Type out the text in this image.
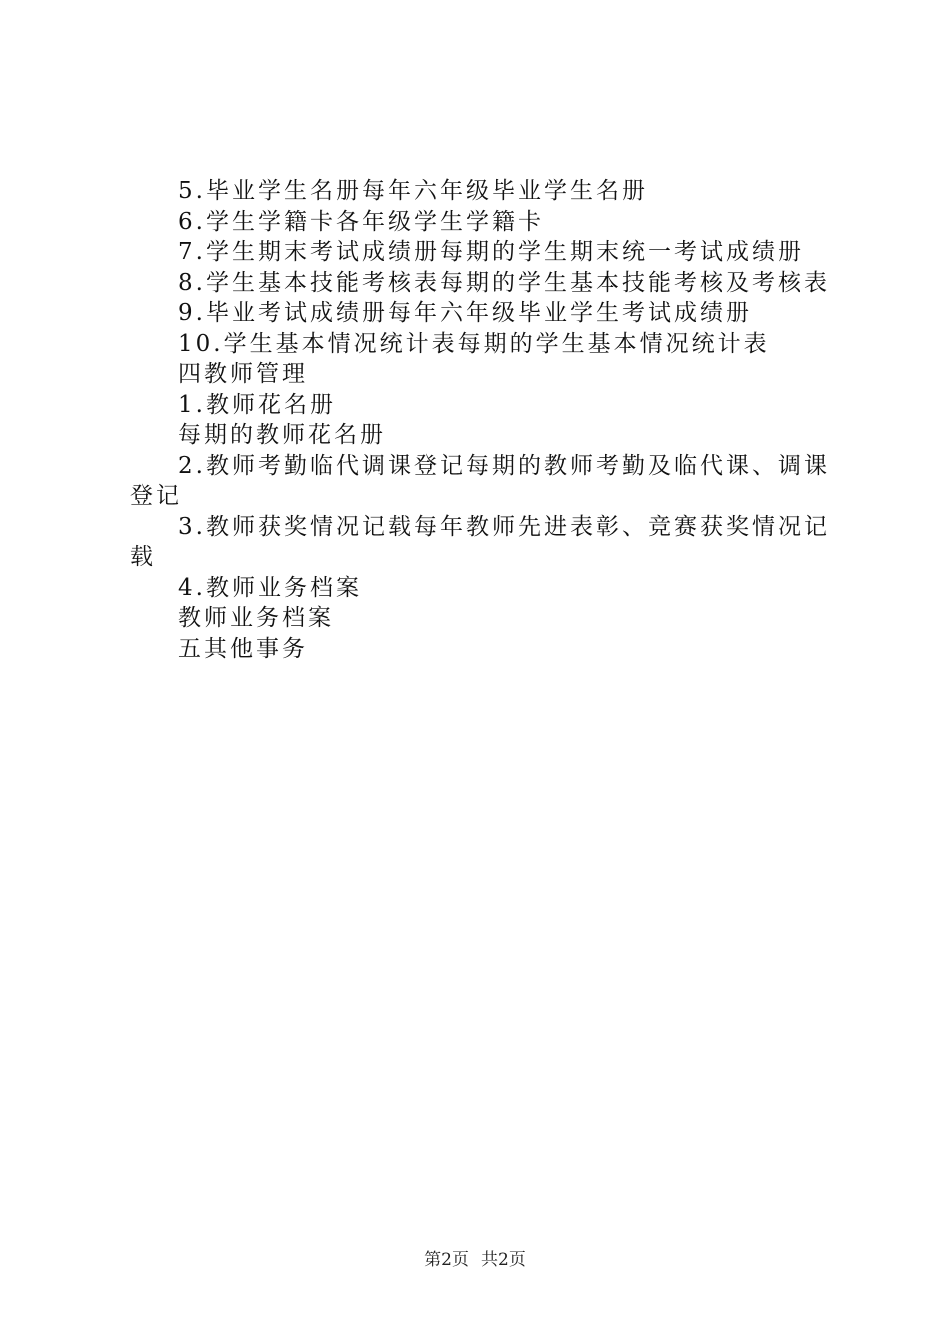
5.毕业学生名册每年六年级毕业学生名册
6.学生学籍卡各年级学生学籍卡
7.学生期末考试成绩册每期的学生期末统一考试成绩册
8.学生基本技能考核表每期的学生基本技能考核及考核表
9.毕业考试成绩册每年六年级毕业学生考试成绩册
10.学生基本情况统计表每期的学生基本情况统计表
四教师管理
1.教师花名册
每期的教师花名册
2.教师考勤临代调课登记每期的教师考勤及临代课、调课登记
3.教师获奖情况记载每年教师先进表彰、竞赛获奖情况记载
4.教师业务档案
教师业务档案
五其他事务
第2页 共2页
